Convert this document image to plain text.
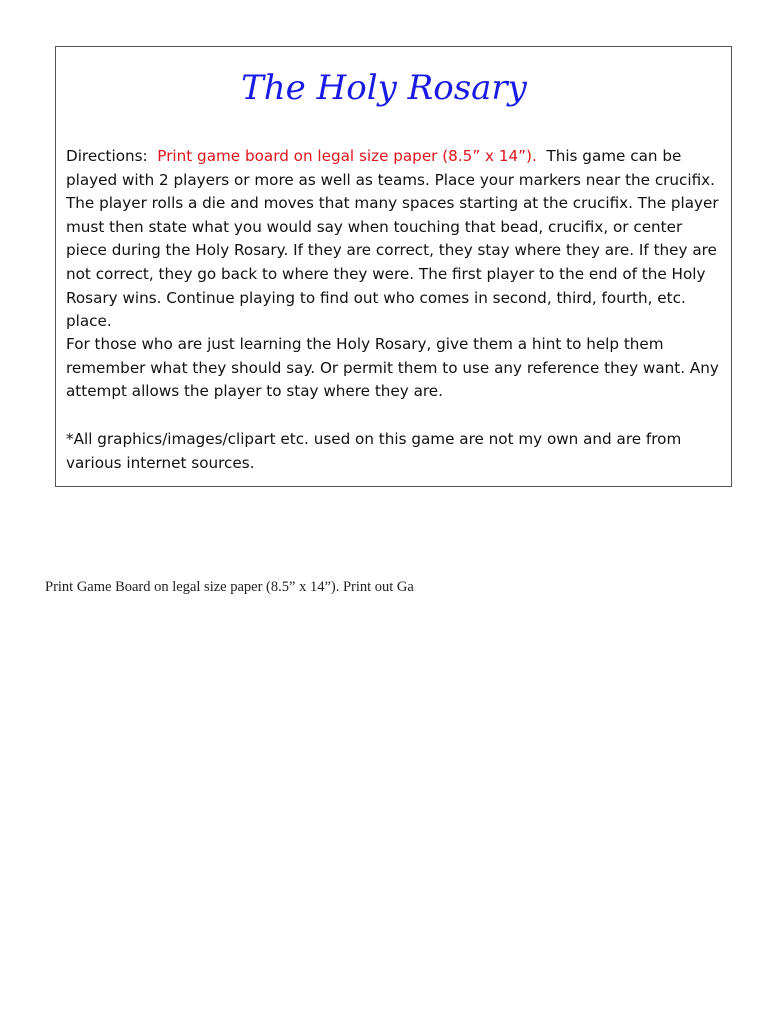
The Holy Rosary

Directions: Print game board on legal size paper (8.5” x 14”). This game can be played with 2 players or more as well as teams. Place your markers near the crucifix. The player rolls a die and moves that many spaces starting at the crucifix. The player must then state what you would say when touching that bead, crucifix, or center piece during the Holy Rosary. If they are correct, they stay where they are. If they are not correct, they go back to where they were. The first player to the end of the Holy Rosary wins. Continue playing to find out who comes in second, third, fourth, etc. place.

For those who are just learning the Holy Rosary, give them a hint to help them remember what they should say. Or permit them to use any reference they want. Any attempt allows the player to stay where they are.

*All graphics/images/clipart etc. used on this game are not my own and are from various internet sources.

Print Game Board on legal size paper (8.5” x 14”). Print out Ga
